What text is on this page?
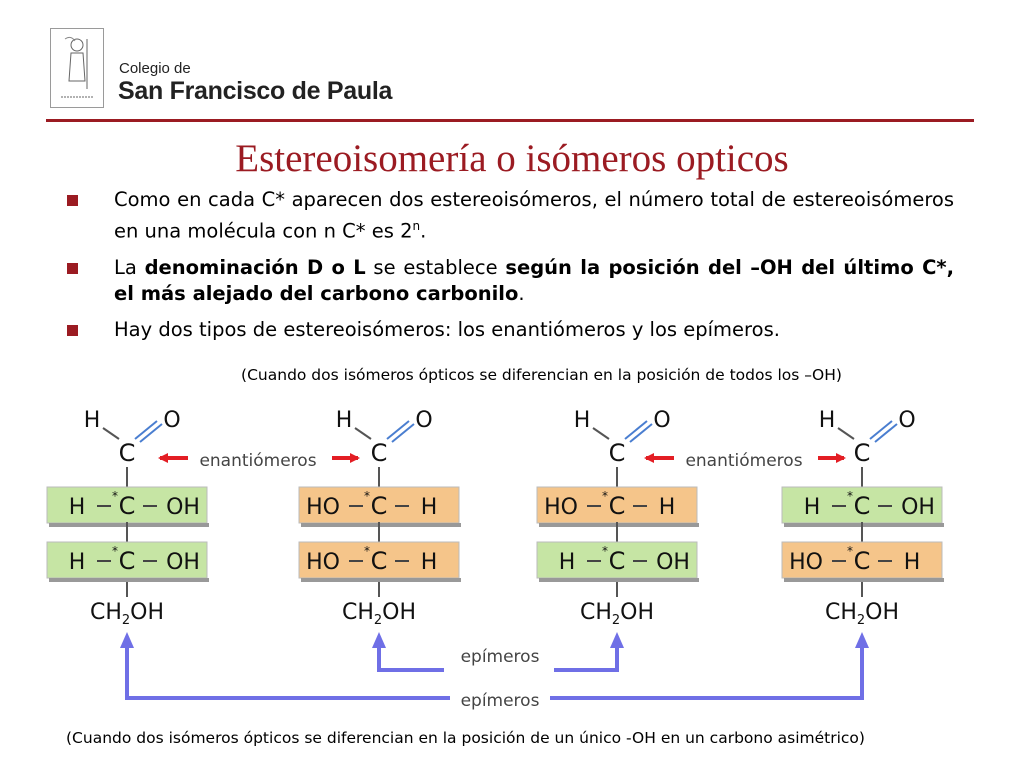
Colegio de
San Francisco de Paula
Estereoisomería o isómeros opticos
Como en cada C* aparecen dos estereoisómeros, el número total de estereoisómeros en una molécula con n C* es 2$^n$.
La denominación D o L se establece según la posición del –OH del último C*, el más alejado del carbono carbonilo.
Hay dos tipos de estereoisómeros: los enantiómeros y los epímeros.
(Cuando dos isómeros ópticos se diferencian en la posición de todos los –OH)
H	O
C
C
*
H	OH
C
*
H	OH
$CH_2OH$
H	O
C
C
*
HO	H
C
*
HO	H
$CH_2OH$
H	O
C
C
*
HO	H
C
*
H	OH
$CH_2OH$
H	O
C
C
*
H	OH
C
*
HO	H
$CH_2OH$
enantiómeros	enantiómeros
epímeros
epímeros
(Cuando dos isómeros ópticos se diferencian en la posición de un único -OH en un carbono asimétrico)
